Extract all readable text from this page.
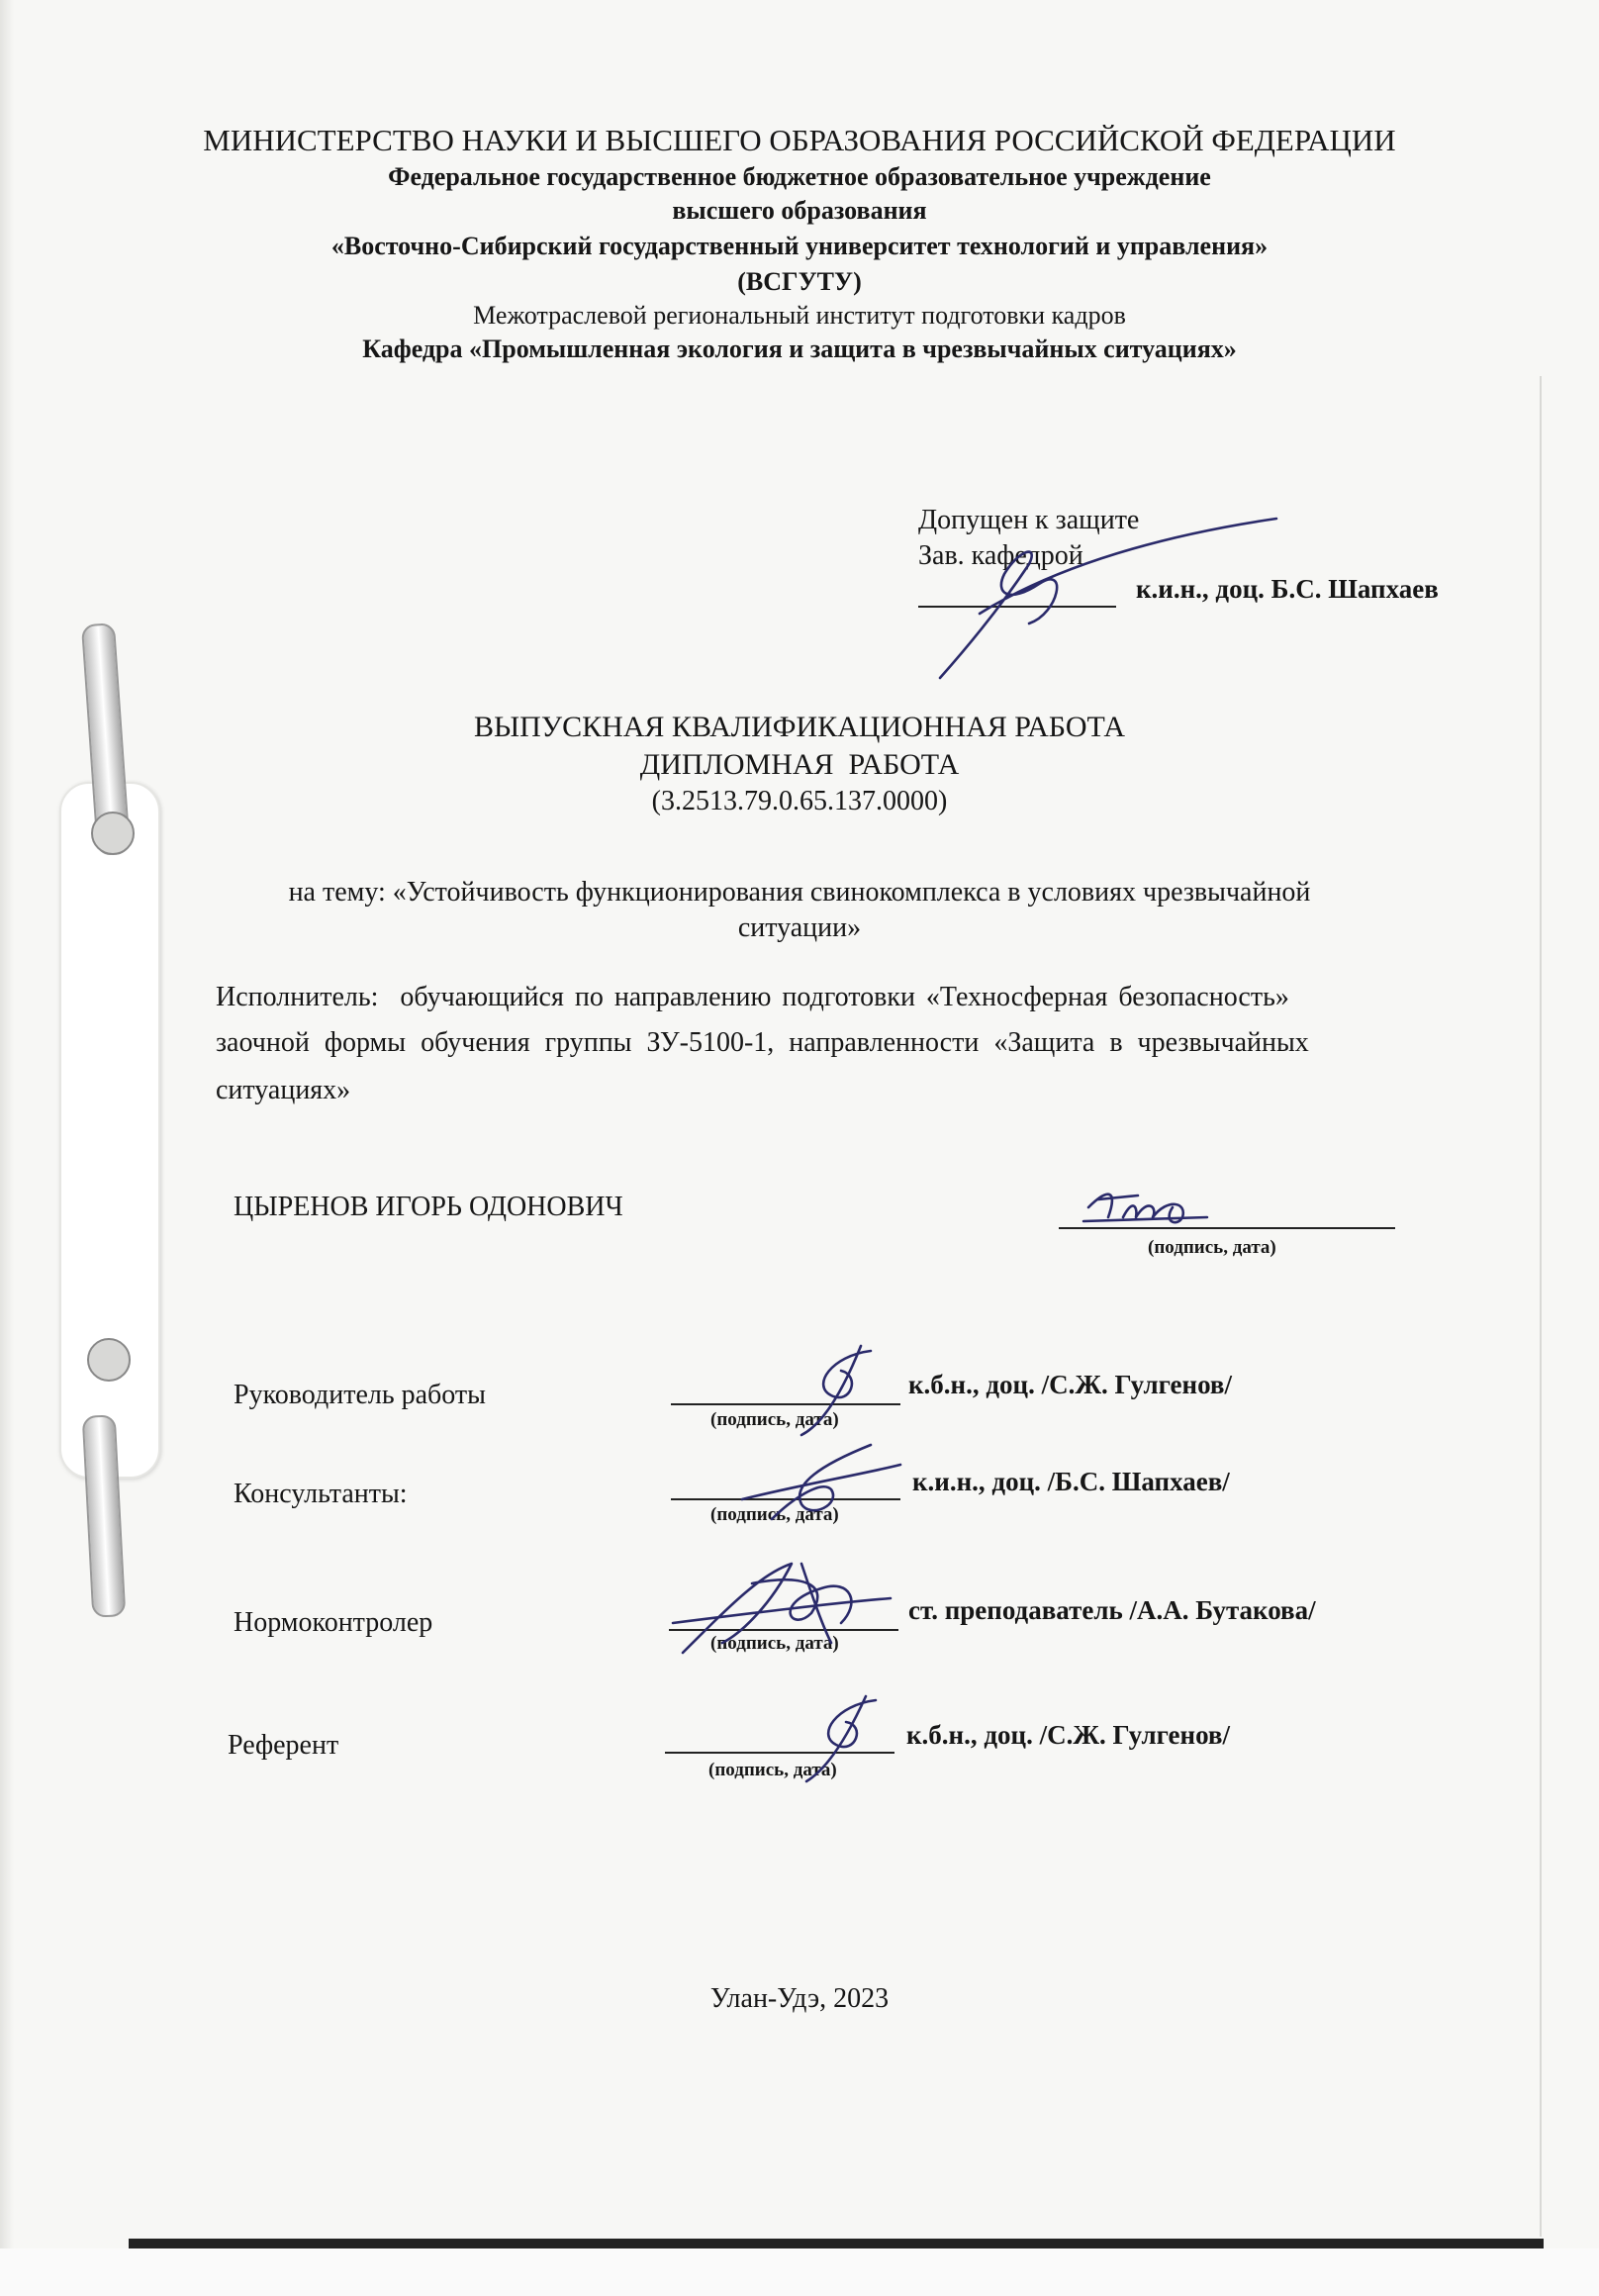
МИНИСТЕРСТВО НАУКИ И ВЫСШЕГО ОБРАЗОВАНИЯ РОССИЙСКОЙ ФЕДЕРАЦИИ
Федеральное государственное бюджетное образовательное учреждение
высшего образования
«Восточно-Сибирский государственный университет технологий и управления»
(ВСГУТУ)
Межотраслевой региональный институт подготовки кадров
Кафедра «Промышленная экология и защита в чрезвычайных ситуациях»
Допущен к защите
Зав. кафедрой
к.и.н., доц. Б.С. Шапхаев
ВЫПУСКНАЯ КВАЛИФИКАЦИОННАЯ РАБОТА
ДИПЛОМНАЯ  РАБОТА
(3.2513.79.0.65.137.0000)
на тему: «Устойчивость функционирования свинокомплекса в условиях чрезвычайной
ситуации»
Исполнитель:  обучающийся по направлению подготовки «Техносферная безопасность»
заочной формы обучения группы ЗУ-5100-1, направленности «Защита в чрезвычайных
ситуациях»
ЦЫРЕНОВ ИГОРЬ ОДОНОВИЧ
(подпись, дата)
Руководитель работы
(подпись, дата)
к.б.н., доц. /С.Ж. Гулгенов/
Консультанты:
(подпись, дата)
к.и.н., доц. /Б.С. Шапхаев/
Нормоконтролер
(подпись, дата)
ст. преподаватель /А.А. Бутакова/
Референт
(подпись, дата)
к.б.н., доц. /С.Ж. Гулгенов/
Улан-Удэ, 2023
